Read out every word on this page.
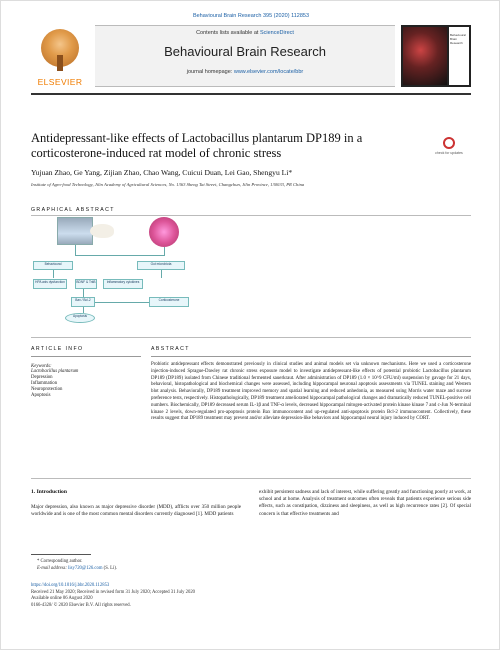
Behavioural Brain Research 395 (2020) 112853
ELSEVIER
Contents lists available at ScienceDirect
Behavioural Brain Research
journal homepage: www.elsevier.com/locate/bbr
Behavioural Brain Research
Antidepressant-like effects of Lactobacillus plantarum DP189 in a corticosterone-induced rat model of chronic stress	check for updates
Yujuan Zhao, Ge Yang, Zijian Zhao, Chao Wang, Cuicui Duan, Lei Gao, Shengyu Li*
Institute of Agro-food Technology, Jilin Academy of Agricultural Sciences, No. 1363 Sheng Tai Street, Changchun, Jilin Province, 130033, PR China
GRAPHICAL ABSTRACT
Behavioural	Gut microbiota
HPA axis dysfunction	BDNF & TrkB	Inflammatory cytokines
Bax / Bcl-2	Corticosterone
Apoptosis
ARTICLE INFO
Keywords:
Lactobacillus plantarum
Depression
Inflammation
Neuroprotection
Apoptosis
ABSTRACT
Probiotic antidepressant effects demonstrated previously in clinical studies and animal models set via unknown mechanisms. Here we used a corticosterone injection-induced Sprague-Dawley rat chronic stress exposure model to investigate antidepressant-like effects of potential probiotic Lactobacillus plantarum DP189 (DP189) isolated from Chinese traditional fermented sauerkraut. After administration of DP189 (1.0 × 10^9 CFU/ml) suspension by gavage for 21 days, behavioral, histopathological and biochemical changes were assessed, including hippocampal neuronal apoptosis assessments via TUNEL staining and Western blot analysis. Behaviorally, DP189 treatment improved memory and spatial learning and reduced anhedonia, as measured using Morris water maze and sucrose preference tests, respectively. Histopathologically, DP189 treatment ameliorated hippocampal pathological changes and dramatically reduced TUNEL-positive cell numbers. Biochemically, DP189 decreased serum IL-1β and TNF-α levels, decreased hippocampal mitogen-activated protein kinase kinase 7 and c-Jun N-terminal kinase 2 levels, down-regulated pro-apoptosis protein Bax immunocontent and up-regulated anti-apoptosis protein Bcl-2 immunocontent. Collectively, these results suggest that DP189 treatment may prevent and/or alleviate depression-like behaviors and hippocampal neural injury induced by CORT.
1. Introduction
Major depression, also known as major depressive disorder (MDD), afflicts over 350 million people worldwide and is one of the most common mental disorders currently diagnosed [1]. MDD patients
exhibit persistent sadness and lack of interest, while suffering greatly and functioning poorly at work, at school and at home. Analysis of treatment outcomes often reveals that patients experience serious side effects, such as constipation, dizziness and sleepiness, as well as high recurrence rates [2]. Of special concern is that effective treatments and
* Corresponding author.
E-mail address: lisy720@126.com (S. Li).
https://doi.org/10.1016/j.bbr.2020.112853
Received 21 May 2020; Received in revised form 31 July 2020; Accepted 31 July 2020
Available online 06 August 2020
0166-4328/ © 2020 Elsevier B.V. All rights reserved.
